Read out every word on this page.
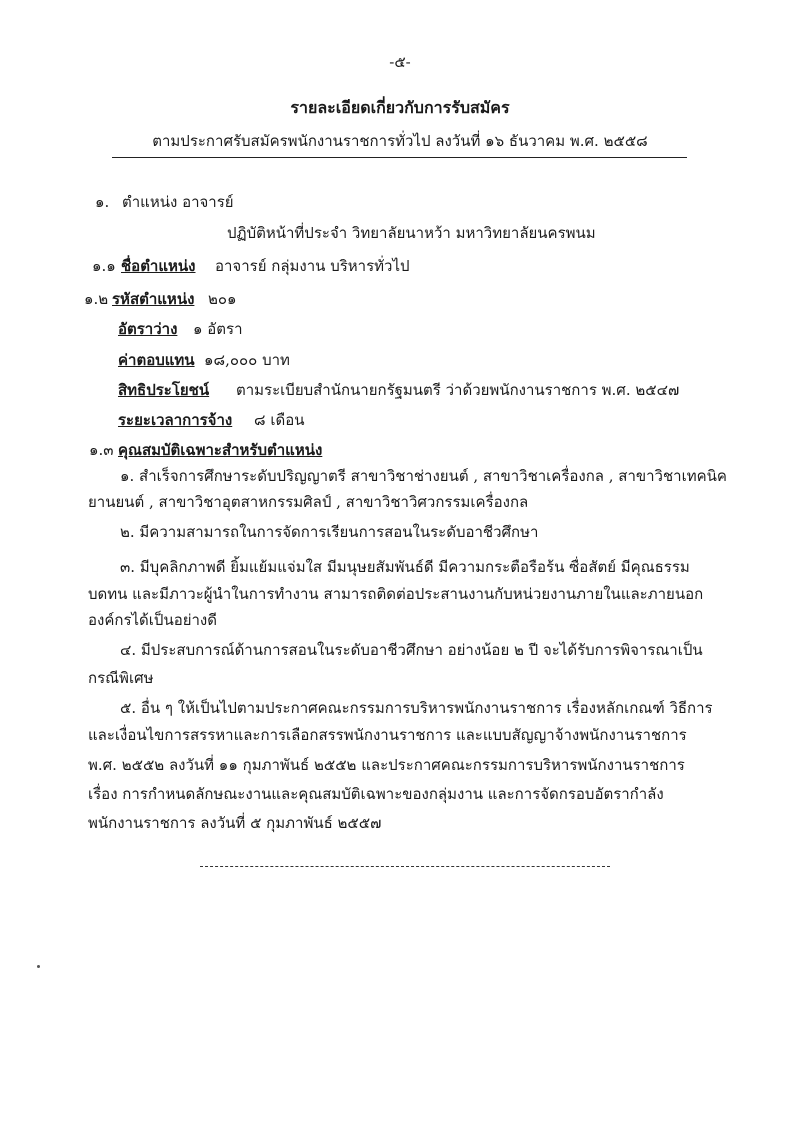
-๕-
รายละเอียดเกี่ยวกับการรับสมัคร
ตามประกาศรับสมัครพนักงานราชการทั่วไป ลงวันที่ ๑๖ ธันวาคม พ.ศ. ๒๕๕๘
๑. ตำแหน่ง อาจารย์
ปฏิบัติหน้าที่ประจำ วิทยาลัยนาหว้า มหาวิทยาลัยนครพนม
๑.๑ ชื่อตำแหน่ง อาจารย์ กลุ่มงาน บริหารทั่วไป
๑.๒ รหัสตำแหน่ง ๒๐๑
อัตราว่าง ๑ อัตรา
ค่าตอบแทน ๑๘,๐๐๐ บาท
สิทธิประโยชน์ ตามระเบียบสำนักนายกรัฐมนตรี ว่าด้วยพนักงานราชการ พ.ศ. ๒๕๔๗
ระยะเวลาการจ้าง ๘ เดือน
๑.๓ คุณสมบัติเฉพาะสำหรับตำแหน่ง
๑. สำเร็จการศึกษาระดับปริญญาตรี สาขาวิชาช่างยนต์ , สาขาวิชาเครื่องกล , สาขาวิชาเทคนิค
ยานยนต์ , สาขาวิชาอุตสาหกรรมศิลป์ , สาขาวิชาวิศวกรรมเครื่องกล
๒. มีความสามารถในการจัดการเรียนการสอนในระดับอาชีวศึกษา
๓. มีบุคลิกภาพดี ยิ้มแย้มแจ่มใส มีมนุษยสัมพันธ์ดี มีความกระตือรือร้น ซื่อสัตย์ มีคุณธรรม
บดทน และมีภาวะผู้นำในการทำงาน สามารถติดต่อประสานงานกับหน่วยงานภายในและภายนอก
องค์กรได้เป็นอย่างดี
๔. มีประสบการณ์ด้านการสอนในระดับอาชีวศึกษา อย่างน้อย ๒ ปี จะได้รับการพิจารณาเป็น
กรณีพิเศษ
๕. อื่น ๆ ให้เป็นไปตามประกาศคณะกรรมการบริหารพนักงานราชการ เรื่องหลักเกณฑ์ วิธีการ
และเงื่อนไขการสรรหาและการเลือกสรรพนักงานราชการ และแบบสัญญาจ้างพนักงานราชการ
พ.ศ. ๒๕๕๒ ลงวันที่ ๑๑ กุมภาพันธ์ ๒๕๕๒ และประกาศคณะกรรมการบริหารพนักงานราชการ
เรื่อง การกำหนดลักษณะงานและคุณสมบัติเฉพาะของกลุ่มงาน และการจัดกรอบอัตรากำลัง
พนักงานราชการ ลงวันที่ ๕ กุมภาพันธ์ ๒๕๕๗
